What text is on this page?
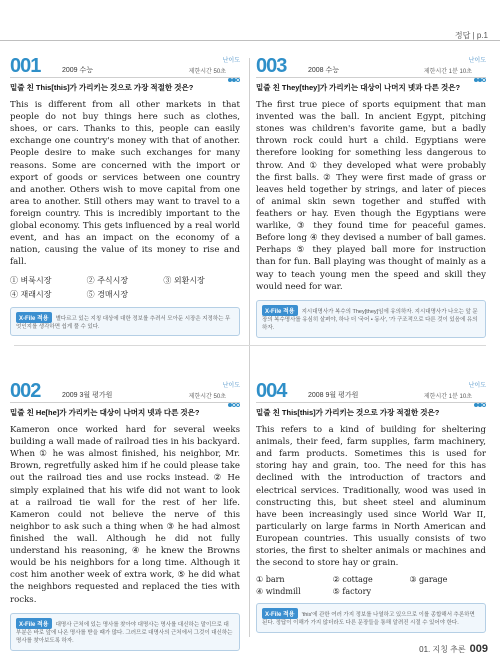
정답 | p.1
001	2009 수능
난이도
제한시간 50초
밑줄 친 This[this]가 가리키는 것으로 가장 적절한 것은?

This is different from all other markets in that people do not buy things here such as clothes, shoes, or cars. Thanks to this, people can easily exchange one country's money with that of another. People desire to make such exchanges for many reasons. Some are concerned with the import or export of goods or services between one country and another. Others wish to move capital from one area to another. Still others may want to travel to a foreign country. This is incredibly important to the global economy. This gets influenced by a real world event, and has an impact on the economy of a nation, causing the value of its money to rise and fall.

① 벼룩시장	② 주식시장	③ 외환시장
④ 재래시장	⑤ 경매시장
X-File 적용 별다르고 있는 지칭 대상에 대한 정보를 추려서 모아둔 시장은 지정하는 무엇인지를 생각하면 쉽게 풀 수 있다.
003	2008 수능
난이도
제한시간 1분 10초
밑줄 친 They[they]가 가리키는 대상이 나머지 넷과 다른 것은?

The first true piece of sports equipment that man invented was the ball. In ancient Egypt, pitching stones was children's favorite game, but a badly thrown rock could hurt a child. Egyptians were therefore looking for something less dangerous to throw. And ① they developed what were probably the first balls. ② They were first made of grass or leaves held together by strings, and later of pieces of animal skin sewn together and stuffed with feathers or hay. Even though the Egyptians were warlike, ③ they found time for peaceful games. Before long ④ they devised a number of ball games. Perhaps ⑤ they played ball more for instruction than for fun. Ball playing was thought of mainly as a way to teach young men the speed and skill they would need for war.

X-File 적용 지시대명사가 복수의 They[they]임에 유의하자. 지시대명사가 나오는 앞 문장의 복수명사를 유심히 살펴야, 하나 더 '국어 • 동사', '가 구조적으로 다른 것이 있음에 유의하자.
002	2009 3월 평가원
난이도
제한시간 50초
밑줄 친 He[he]가 가리키는 대상이 나머지 넷과 다른 것은?

Kameron once worked hard for several weeks building a wall made of railroad ties in his backyard. When ① he was almost finished, his neighbor, Mr. Brown, regretfully asked him if he could please take out the railroad ties and use rocks instead. ② He simply explained that his wife did not want to look at a railroad tie wall for the rest of her life. Kameron could not believe the nerve of this neighbor to ask such a thing when ③ he had almost finished the wall. Although he did not fully understand his reasoning, ④ he knew the Browns would be his neighbors for a long time. Although it cost him another week of extra work, ⑤ he did what the neighbors requested and replaced the ties with rocks.

X-File 적용 대명사 근처에 있는 명사를 찾아야 대명사는 명사를 대신하는 말이므로 대부분은 바로 앞에 나온 명사를 받을 때가 많다. 그러므로 대명사의 근처에서 그것이 대신하는 명사를 찾아보도록 하자.
004	2008 9월 평가원
난이도
제한시간 1분 10초
밑줄 친 This[this]가 가리키는 것으로 가장 적절한 것은?

This refers to a kind of building for sheltering animals, their feed, farm supplies, farm machinery, and farm products. Sometimes this is used for storing hay and grain, too. The need for this has declined with the introduction of tractors and electrical services. Traditionally, wood was used in constructing this, but sheet steel and aluminum have been increasingly used since World War II, particularly on large farms in North American and European countries. This usually consists of two stories, the first to shelter animals or machines and the second to store hay or grain.

① barn	② cottage	③ garage
④ windmill	⑤ factory
X-File 적용 'this'에 관한 여러 가지 정보를 나열하고 있으므로 이를 종합해서 추론하면 된다. 정답이 이해가 가지 않더라도 다른 문장들을 통해 알려진 시절 수 있어야 한다.
01. 지칭 추론 009
